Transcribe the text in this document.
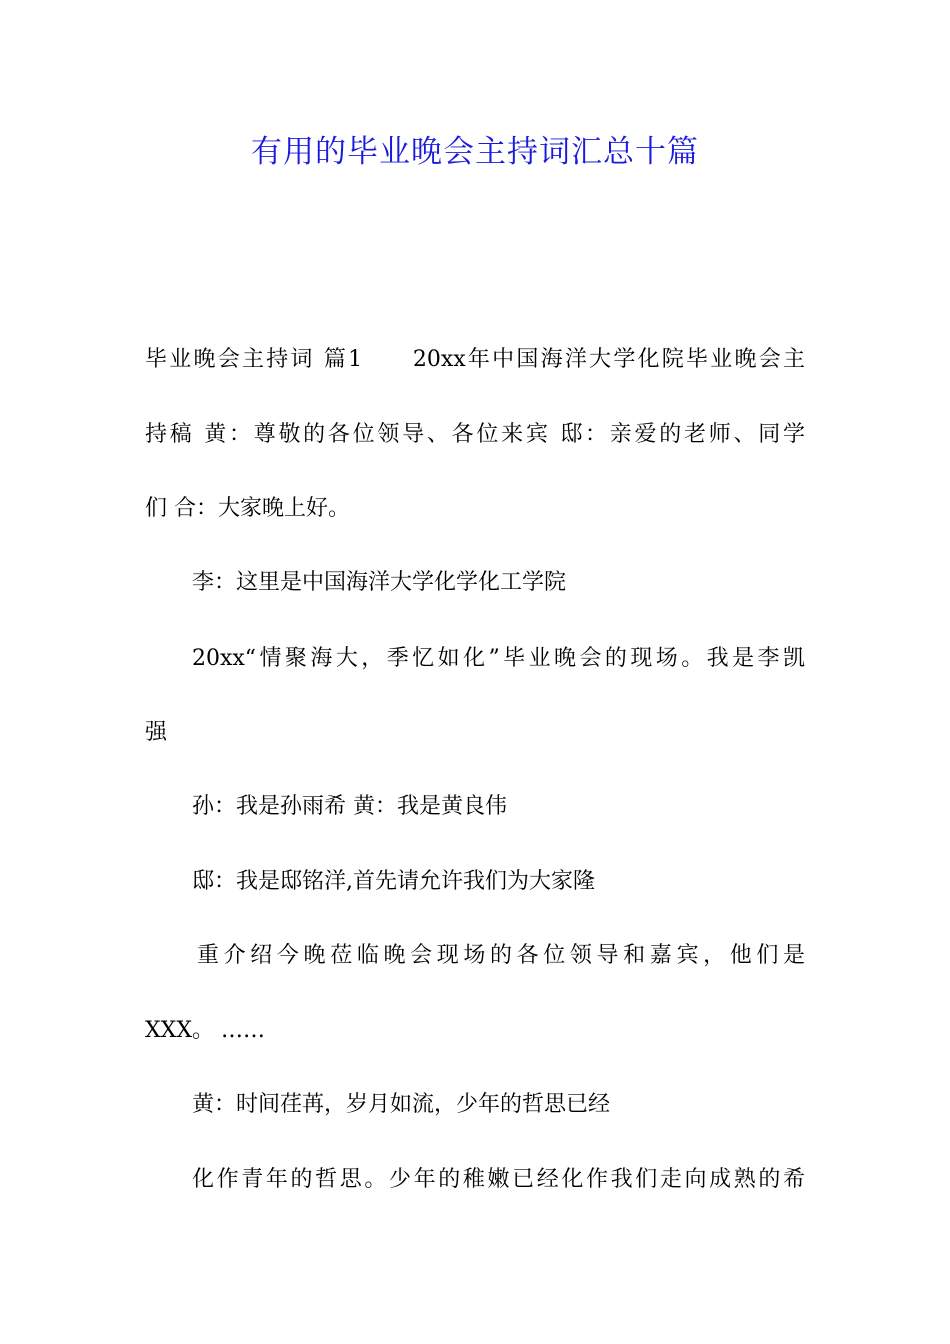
有用的毕业晚会主持词汇总十篇
毕业晚会主持词 篇1　　20xx年中国海洋大学化院毕业晚会主
持稿 黄：尊敬的各位领导、各位来宾 邸：亲爱的老师、同学
们 合：大家晚上好。
李：这里是中国海洋大学化学化工学院
20xx“情聚海大，季忆如化”毕业晚会的现场。我是李凯
强
孙：我是孙雨希 黄：我是黄良伟
邸：我是邸铭洋,首先请允许我们为大家隆
重介绍今晚莅临晚会现场的各位领导和嘉宾，他们是
XXX。 ……
黄：时间荏苒，岁月如流，少年的哲思已经
化作青年的哲思。少年的稚嫩已经化作我们走向成熟的希
